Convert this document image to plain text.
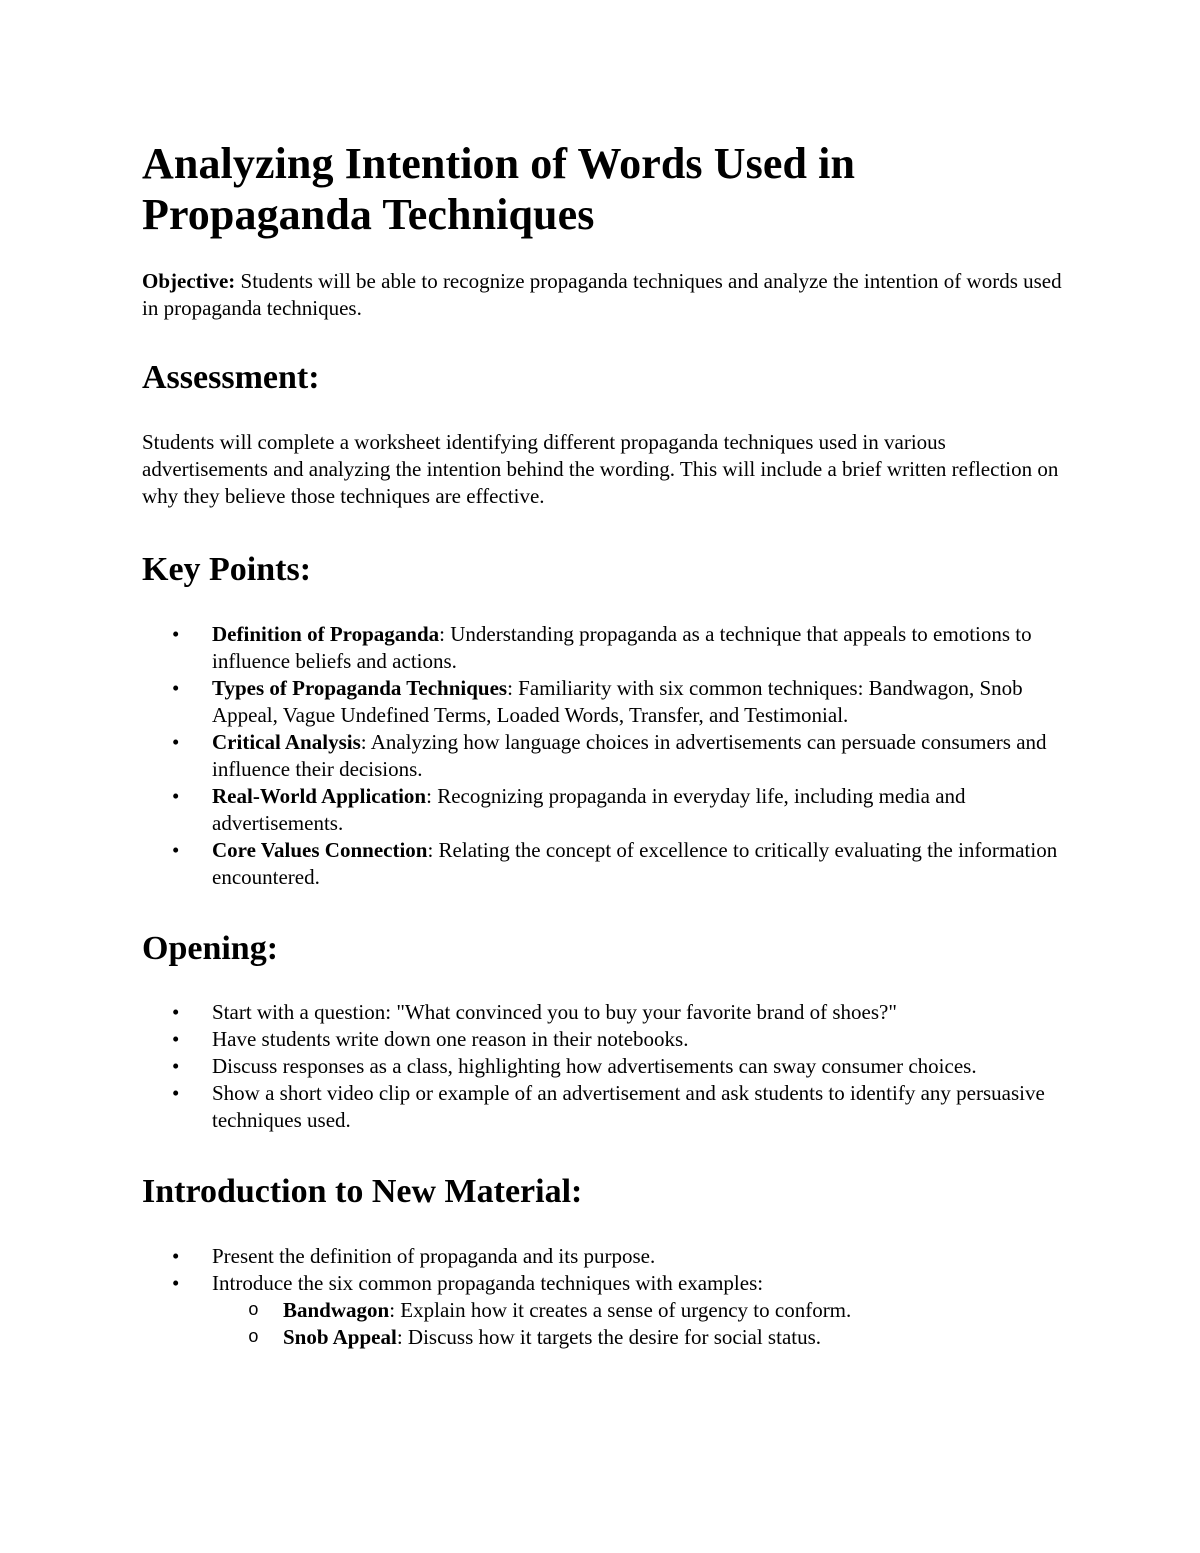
Analyzing Intention of Words Used in Propaganda Techniques

Objective: Students will be able to recognize propaganda techniques and analyze the intention of words used in propaganda techniques.

Assessment:

Students will complete a worksheet identifying different propaganda techniques used in various advertisements and analyzing the intention behind the wording. This will include a brief written reflection on why they believe those techniques are effective.

Key Points:
• Definition of Propaganda: Understanding propaganda as a technique that appeals to emotions to influence beliefs and actions.
• Types of Propaganda Techniques: Familiarity with six common techniques: Bandwagon, Snob Appeal, Vague Undefined Terms, Loaded Words, Transfer, and Testimonial.
• Critical Analysis: Analyzing how language choices in advertisements can persuade consumers and influence their decisions.
• Real-World Application: Recognizing propaganda in everyday life, including media and advertisements.
• Core Values Connection: Relating the concept of excellence to critically evaluating the information encountered.
Opening:
• Start with a question: "What convinced you to buy your favorite brand of shoes?"
• Have students write down one reason in their notebooks.
• Discuss responses as a class, highlighting how advertisements can sway consumer choices.
• Show a short video clip or example of an advertisement and ask students to identify any persuasive techniques used.
Introduction to New Material:
• Present the definition of propaganda and its purpose.
• Introduce the six common propaganda techniques with examples:
o Bandwagon: Explain how it creates a sense of urgency to conform.
o Snob Appeal: Discuss how it targets the desire for social status.
